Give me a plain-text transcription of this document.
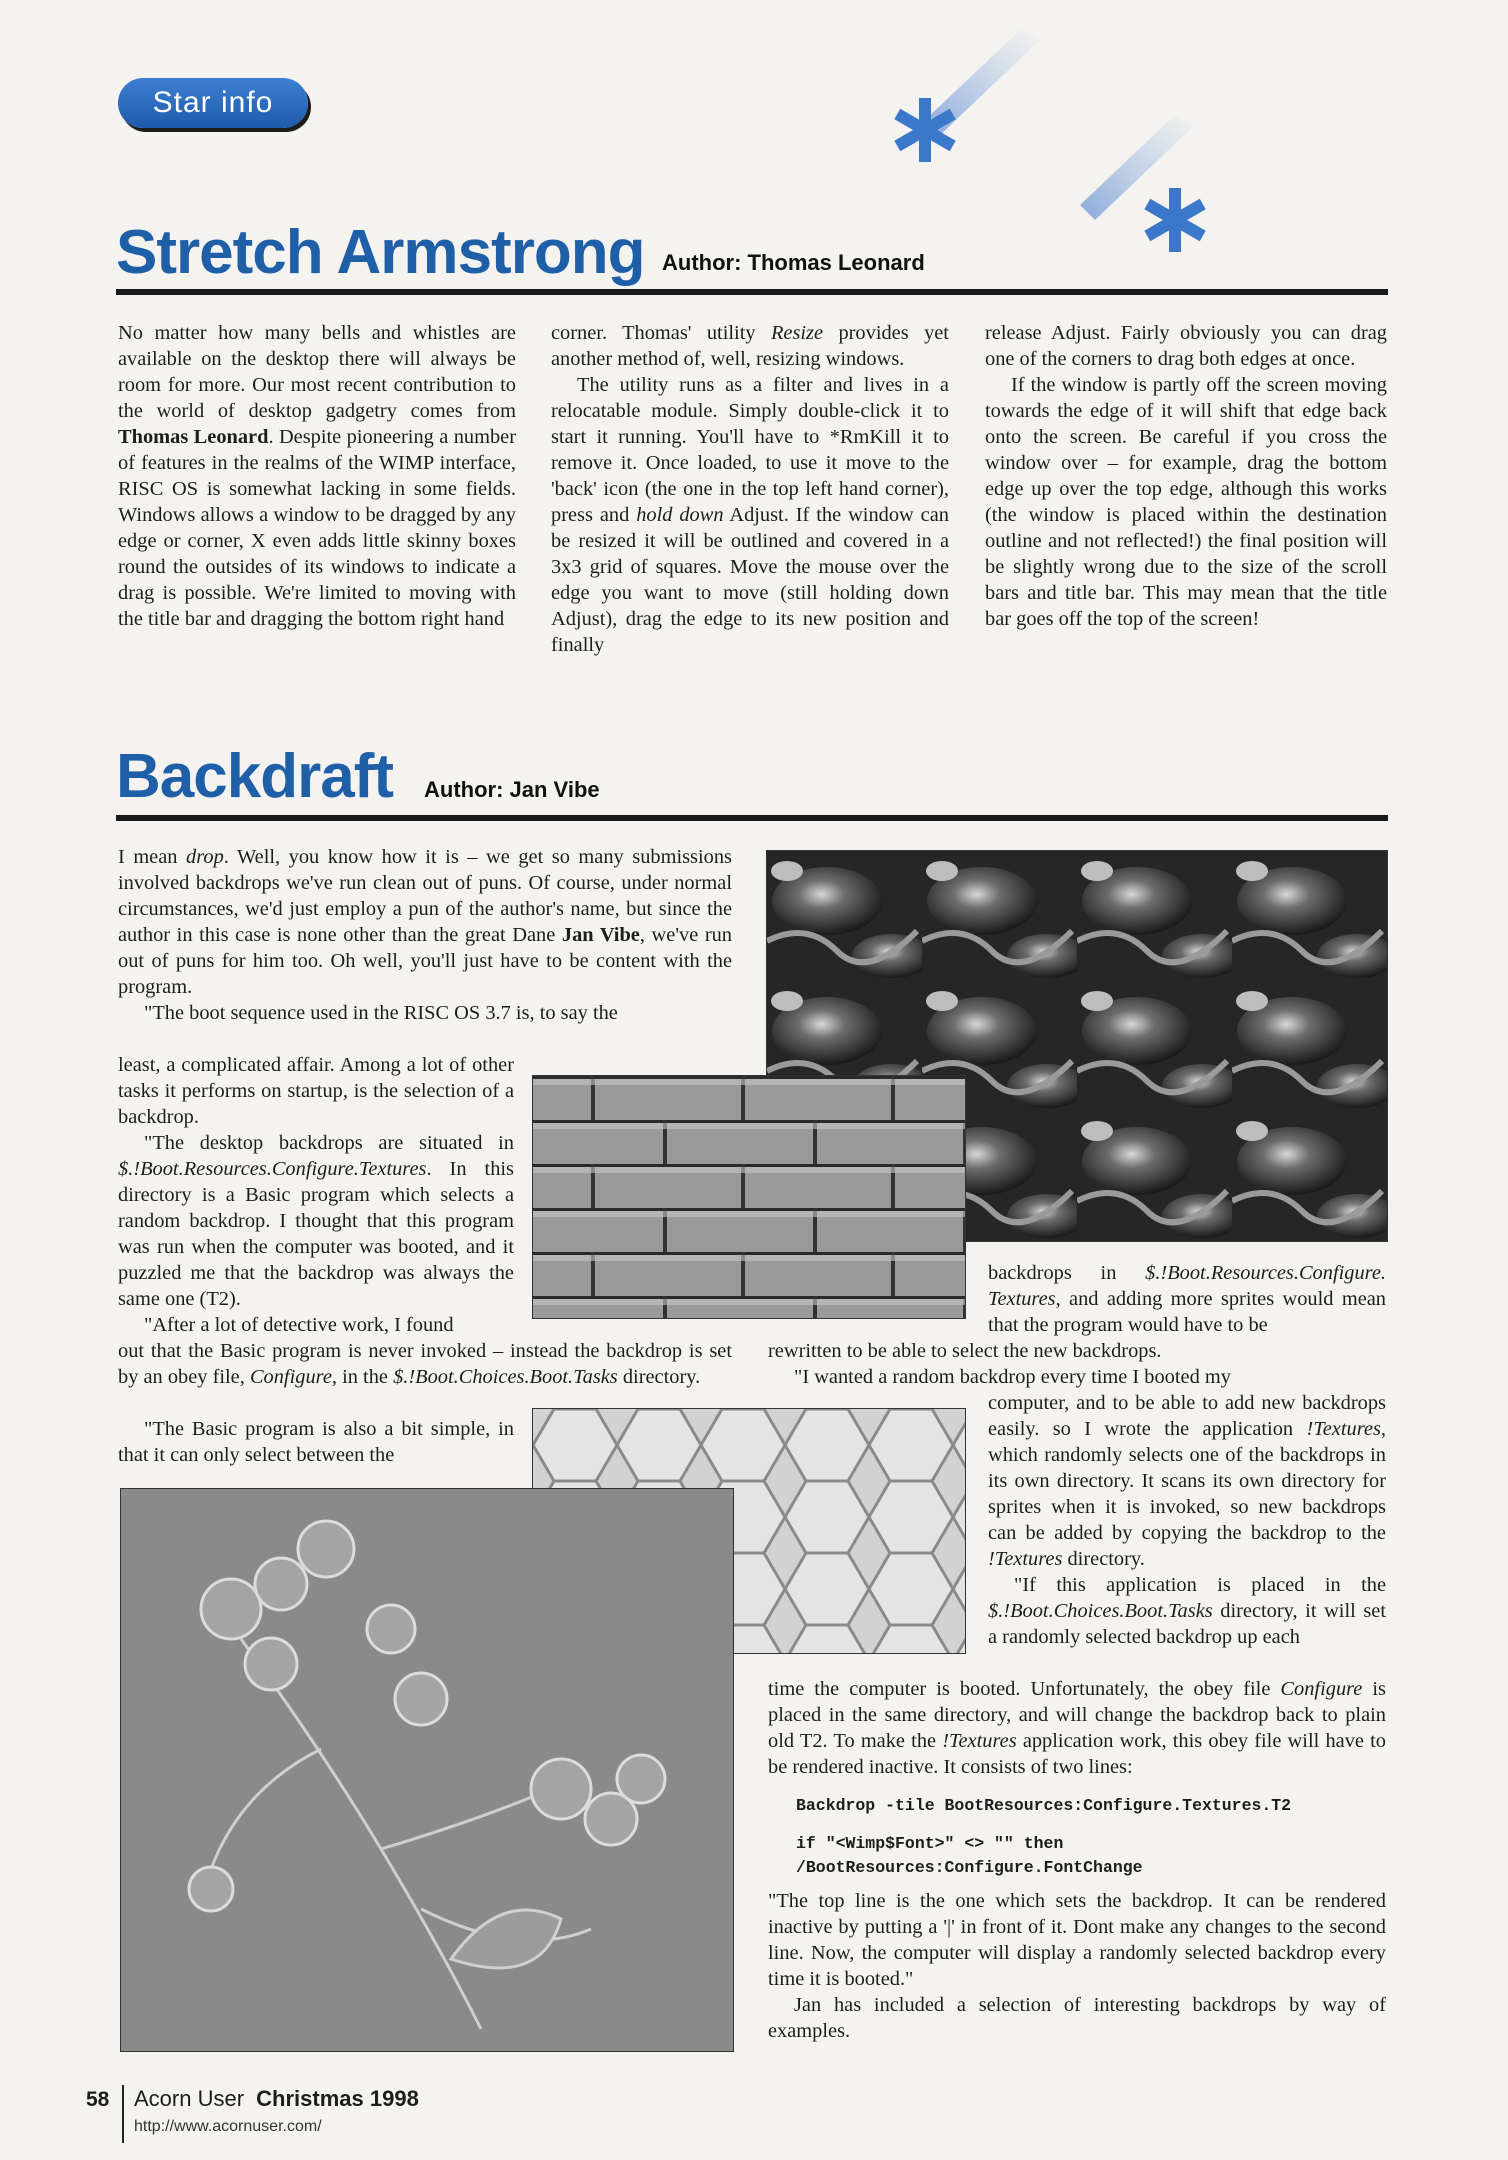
Star info
Stretch Armstrong Author: Thomas Leonard

No matter how many bells and whistles are available on the desktop there will always be room for more. Our most recent contribution to the world of desktop gadgetry comes from Thomas Leonard. Despite pioneering a number of features in the realms of the WIMP interface, RISC OS is somewhat lacking in some fields. Windows allows a window to be dragged by any edge or corner, X even adds little skinny boxes round the outsides of its windows to indicate a drag is possible. We're limited to moving with the title bar and dragging the bottom right hand

corner. Thomas' utility Resize provides yet another method of, well, resizing windows.

The utility runs as a filter and lives in a relocatable module. Simply double-click it to start it running. You'll have to *RmKill it to remove it. Once loaded, to use it move to the 'back' icon (the one in the top left hand corner), press and hold down Adjust. If the window can be resized it will be outlined and covered in a 3x3 grid of squares. Move the mouse over the edge you want to move (still holding down Adjust), drag the edge to its new position and finally

release Adjust. Fairly obviously you can drag one of the corners to drag both edges at once.

If the window is partly off the screen moving towards the edge of it will shift that edge back onto the screen. Be careful if you cross the window over – for example, drag the bottom edge up over the top edge, although this works (the window is placed within the destination outline and not reflected!) the final position will be slightly wrong due to the size of the scroll bars and title bar. This may mean that the title bar goes off the top of the screen!

Backdraft Author: Jan Vibe

I mean drop. Well, you know how it is – we get so many submissions involved backdrops we've run clean out of puns. Of course, under normal circumstances, we'd just employ a pun of the author's name, but since the author in this case is none other than the great Dane Jan Vibe, we've run out of puns for him too. Oh well, you'll just have to be content with the program.

"The boot sequence used in the RISC OS 3.7 is, to say the

least, a complicated affair. Among a lot of other tasks it performs on startup, is the selection of a backdrop.

"The desktop backdrops are situated in $.!Boot.Resources.Configure.Textures. In this directory is a Basic program which selects a random backdrop. I thought that this program was run when the computer was booted, and it puzzled me that the backdrop was always the same one (T2).

"After a lot of detective work, I found

out that the Basic program is never invoked – instead the backdrop is set by an obey file, Configure, in the $.!Boot.Choices.Boot.Tasks directory.

"The Basic program is also a bit simple, in that it can only select between the

backdrops in $.!Boot.Resources.Configure. Textures, and adding more sprites would mean that the program would have to be

rewritten to be able to select the new backdrops.

"I wanted a random backdrop every time I booted my

computer, and to be able to add new backdrops easily. so I wrote the application !Textures, which randomly selects one of the backdrops in its own directory. It scans its own directory for sprites when it is invoked, so new backdrops can be added by copying the backdrop to the !Textures directory.

"If this application is placed in the $.!Boot.Choices.Boot.Tasks directory, it will set a randomly selected backdrop up each

time the computer is booted. Unfortunately, the obey file Configure is placed in the same directory, and will change the backdrop back to plain old T2. To make the !Textures application work, this obey file will have to be rendered inactive. It consists of two lines:

Backdrop -tile BootResources:Configure.Textures.T2
if "<Wimp$Font>" <> "" then
/BootResources:Configure.FontChange

"The top line is the one which sets the backdrop. It can be rendered inactive by putting a '|' in front of it. Dont make any changes to the second line. Now, the computer will display a randomly selected backdrop every time it is booted."

Jan has included a selection of interesting backdrops by way of examples.

58 Acorn User Christmas 1998
http://www.acornuser.com/
